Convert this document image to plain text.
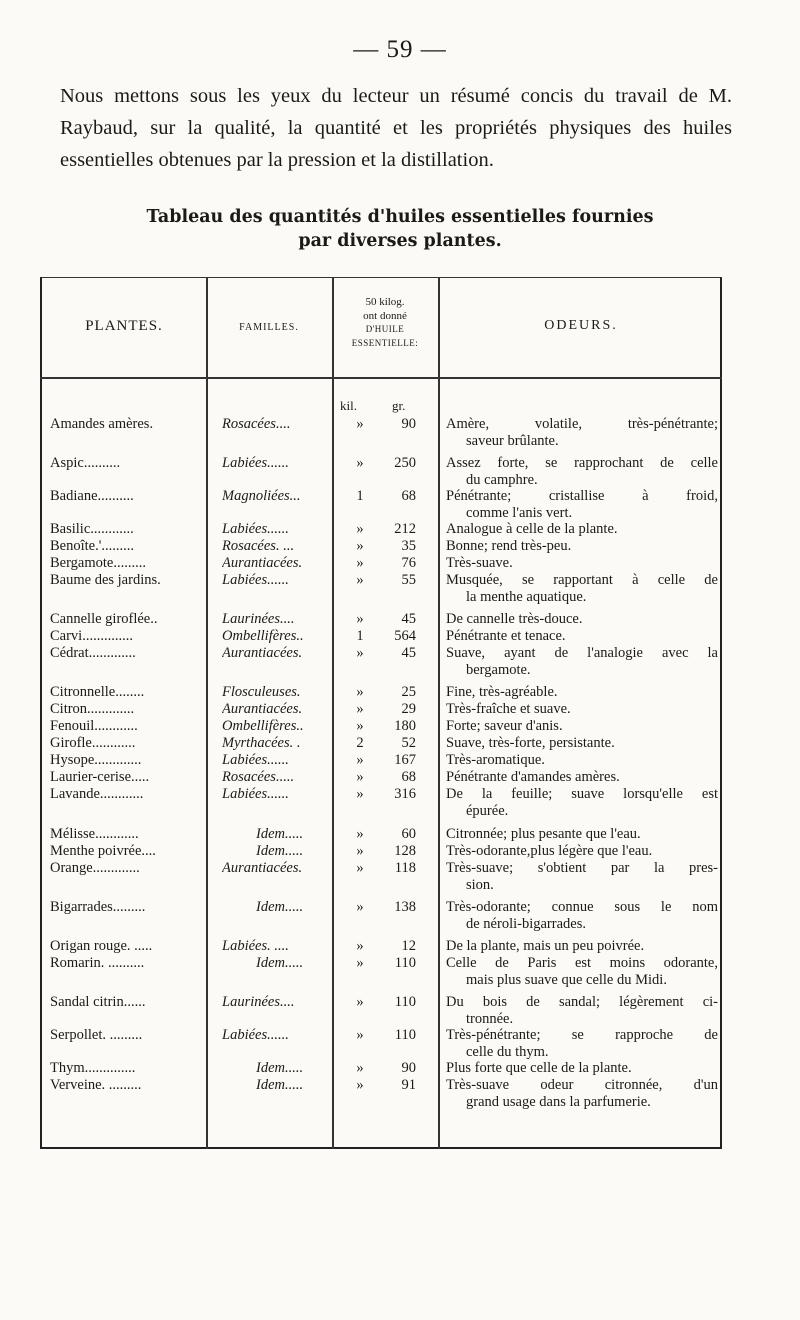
— 59 —
Nous mettons sous les yeux du lecteur un résumé concis du travail de M. Raybaud, sur la qualité, la quantité et les propriétés physiques des huiles essentielles obtenues par la pression et la distillation.
Tableau des quantités d'huiles essentielles fournies
par diverses plantes.
PLANTES.	FAMILLES.
50 kilog.
ont donné
D'HUILE
ESSENTIELLE:
ODEURS.
kil.	gr.
Amandes amères.	Rosacées....	»	90 Amère, volatile, très-pénétrante;
saveur brûlante.
Aspic..........	Labiées......	»	250 Assez forte, se rapprochant de celle
du camphre.
Badiane..........	Magnoliées...	1	68 Pénétrante; cristallise à froid,
comme l'anis vert.
Basilic............	Labiées......	»	212 Analogue à celle de la plante.
Benoîte.'.........	Rosacées. ...	»	35 Bonne; rend très-peu.
Bergamote.........	Aurantiacées.	»	76 Très-suave.
Baume des jardins.	Labiées......	»	55 Musquée, se rapportant à celle de
la menthe aquatique.
Cannelle giroflée..	Laurinées....	»	45 De cannelle très-douce.
Carvi..............	Ombellifères..	1	564 Pénétrante et tenace.
Cédrat.............	Aurantiacées.	»	45 Suave, ayant de l'analogie avec la
bergamote.
Citronnelle........	Flosculeuses.	»	25 Fine, très-agréable.
Citron.............	Aurantiacées.	»	29 Très-fraîche et suave.
Fenouil............	Ombellifères..	»	180 Forte; saveur d'anis.
Girofle............	Myrthacées. .	2	52 Suave, très-forte, persistante.
Hysope.............	Labiées......	»	167 Très-aromatique.
Laurier-cerise.....	Rosacées.....	»	68 Pénétrante d'amandes amères.
Lavande............	Labiées......	»	316 De la feuille; suave lorsqu'elle est
épurée.
Mélisse............	Idem.....	»	60 Citronnée; plus pesante que l'eau.
Menthe poivrée....	Idem.....	»	128 Très-odorante,plus légère que l'eau.
Orange.............	Aurantiacées.	»	118 Très-suave; s'obtient par la pres-
sion.
Bigarrades.........	Idem.....	»	138 Très-odorante; connue sous le nom
de néroli-bigarrades.
Origan rouge. .....	Labiées. ....	»	12 De la plante, mais un peu poivrée.
Romarin. ..........	Idem.....	»	110 Celle de Paris est moins odorante,
mais plus suave que celle du Midi.
Sandal citrin......	Laurinées....	»	110 Du bois de sandal; légèrement ci-
tronnée.
Serpollet. .........	Labiées......	»	110 Très-pénétrante; se rapproche de
celle du thym.
Thym..............	Idem.....	»	90 Plus forte que celle de la plante.
Verveine. .........	Idem.....	»	91 Très-suave odeur citronnée, d'un
grand usage dans la parfumerie.
